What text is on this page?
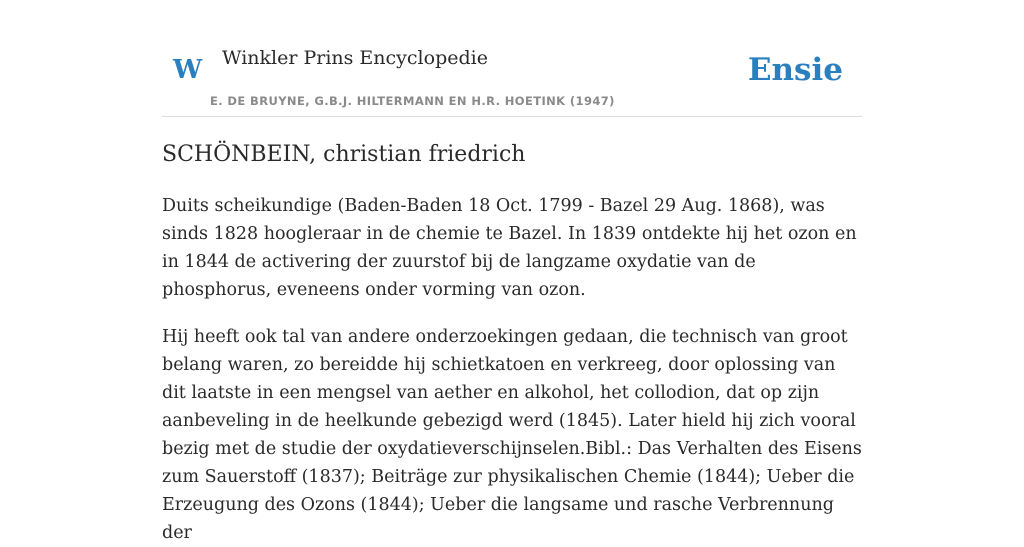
W Winkler Prins Encyclopedie
E. DE BRUYNE, G.B.J. HILTERMANN EN H.R. HOETINK (1947)
Ensie
SCHÖNBEIN, christian friedrich

Duits scheikundige (Baden-Baden 18 Oct. 1799 - Bazel 29 Aug. 1868), was sinds 1828 hoogleraar in de chemie te Bazel. In 1839 ontdekte hij het ozon en in 1844 de activering der zuurstof bij de langzame oxydatie van de phosphorus, eveneens onder vorming van ozon.

Hij heeft ook tal van andere onderzoekingen gedaan, die technisch van groot belang waren, zo bereidde hij schietkatoen en verkreeg, door oplossing van dit laatste in een mengsel van aether en alkohol, het collodion, dat op zijn aanbeveling in de heelkunde gebezigd werd (1845). Later hield hij zich vooral bezig met de studie der oxydatieverschijnselen.Bibl.: Das Verhalten des Eisens zum Sauerstoff (1837); Beiträge zur physikalischen Chemie (1844); Ueber die Erzeugung des Ozons (1844); Ueber die langsame und rasche Verbrennung der
